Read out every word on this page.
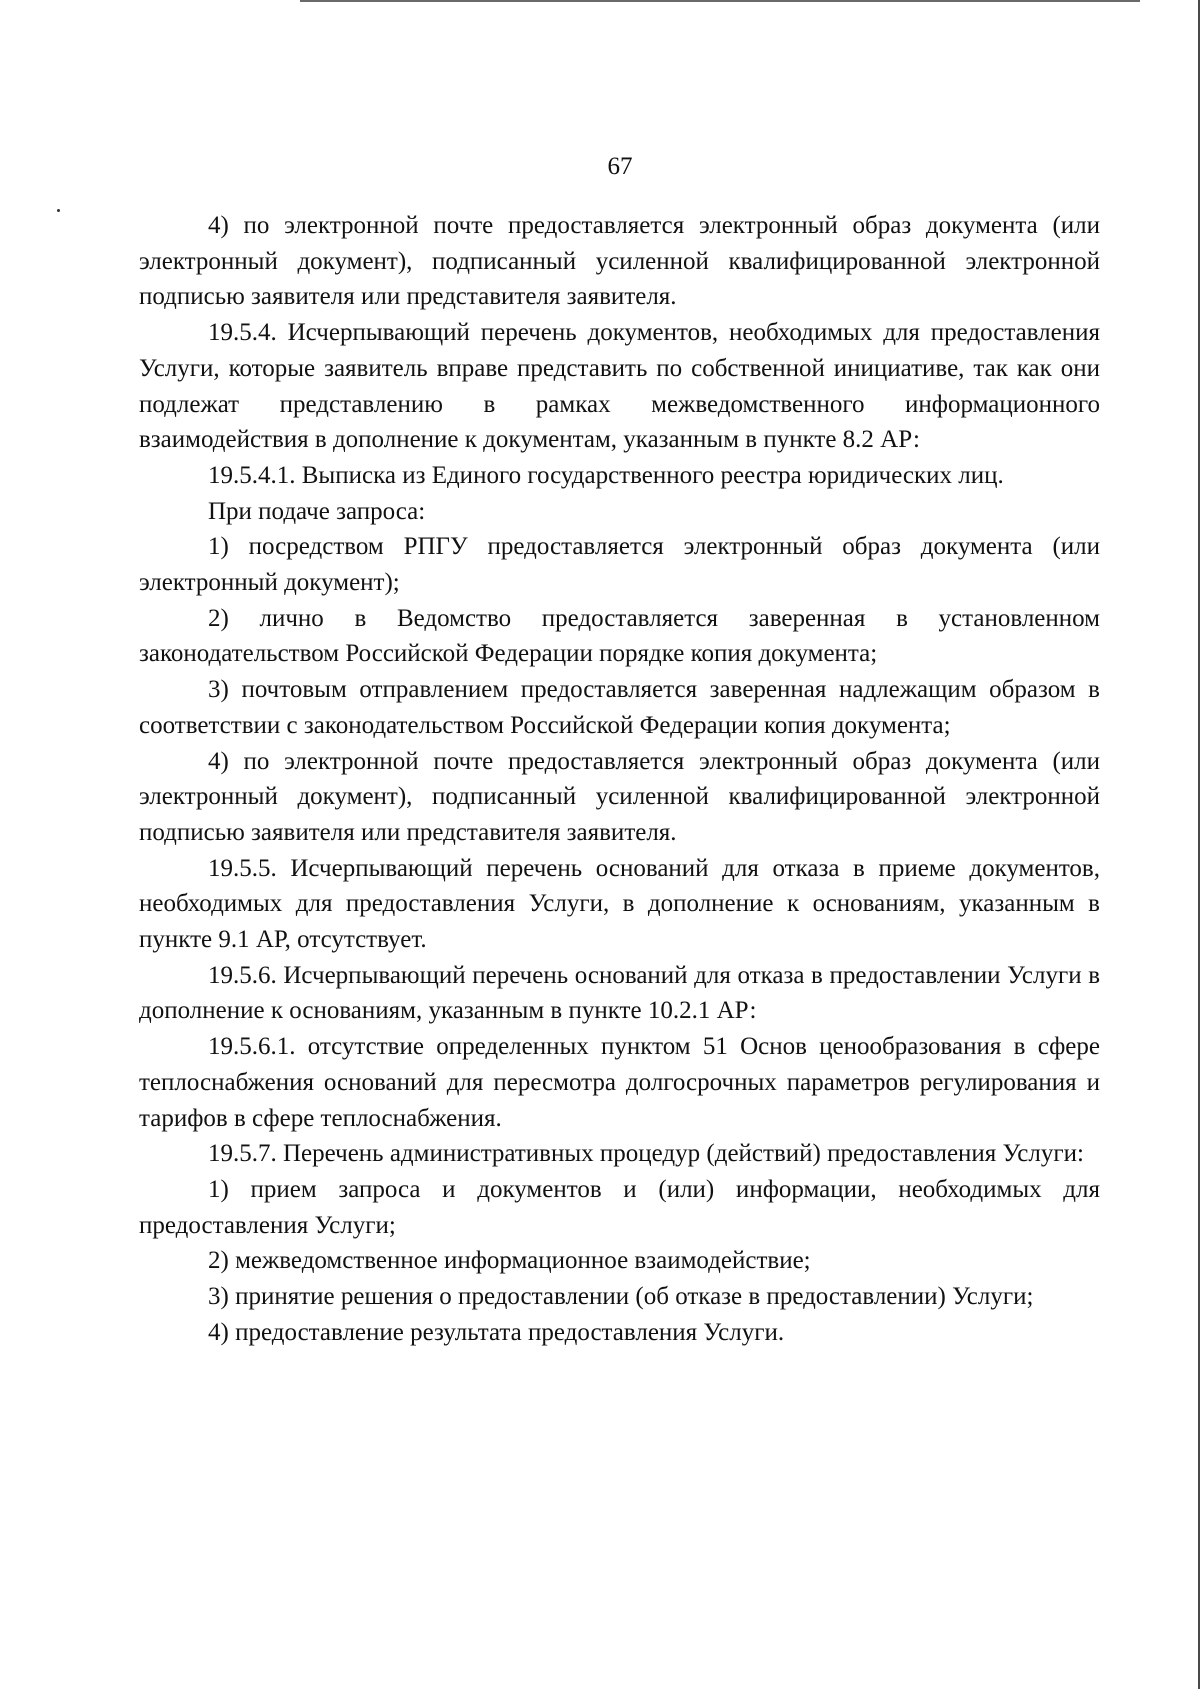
67

4) по электронной почте предоставляется электронный образ документа (или электронный документ), подписанный усиленной квалифицированной электронной подписью заявителя или представителя заявителя.

19.5.4. Исчерпывающий перечень документов, необходимых для предоставления Услуги, которые заявитель вправе представить по собственной инициативе, так как они подлежат представлению в рамках межведомственного информационного взаимодействия в дополнение к документам, указанным в пункте 8.2 АР:

19.5.4.1. Выписка из Единого государственного реестра юридических лиц.

При подаче запроса:

1) посредством РПГУ предоставляется электронный образ документа (или электронный документ);

2) лично в Ведомство предоставляется заверенная в установленном законодательством Российской Федерации порядке копия документа;

3) почтовым отправлением предоставляется заверенная надлежащим образом в соответствии с законодательством Российской Федерации копия документа;

4) по электронной почте предоставляется электронный образ документа (или электронный документ), подписанный усиленной квалифицированной электронной подписью заявителя или представителя заявителя.

19.5.5. Исчерпывающий перечень оснований для отказа в приеме документов, необходимых для предоставления Услуги, в дополнение к основаниям, указанным в пункте 9.1 АР, отсутствует.

19.5.6. Исчерпывающий перечень оснований для отказа в предоставлении Услуги в дополнение к основаниям, указанным в пункте 10.2.1 АР:

19.5.6.1. отсутствие определенных пунктом 51 Основ ценообразования в сфере теплоснабжения оснований для пересмотра долгосрочных параметров регулирования и тарифов в сфере теплоснабжения.

19.5.7. Перечень административных процедур (действий) предоставления Услуги:

1) прием запроса и документов и (или) информации, необходимых для предоставления Услуги;

2) межведомственное информационное взаимодействие;

3) принятие решения о предоставлении (об отказе в предоставлении) Услуги;

4) предоставление результата предоставления Услуги.
